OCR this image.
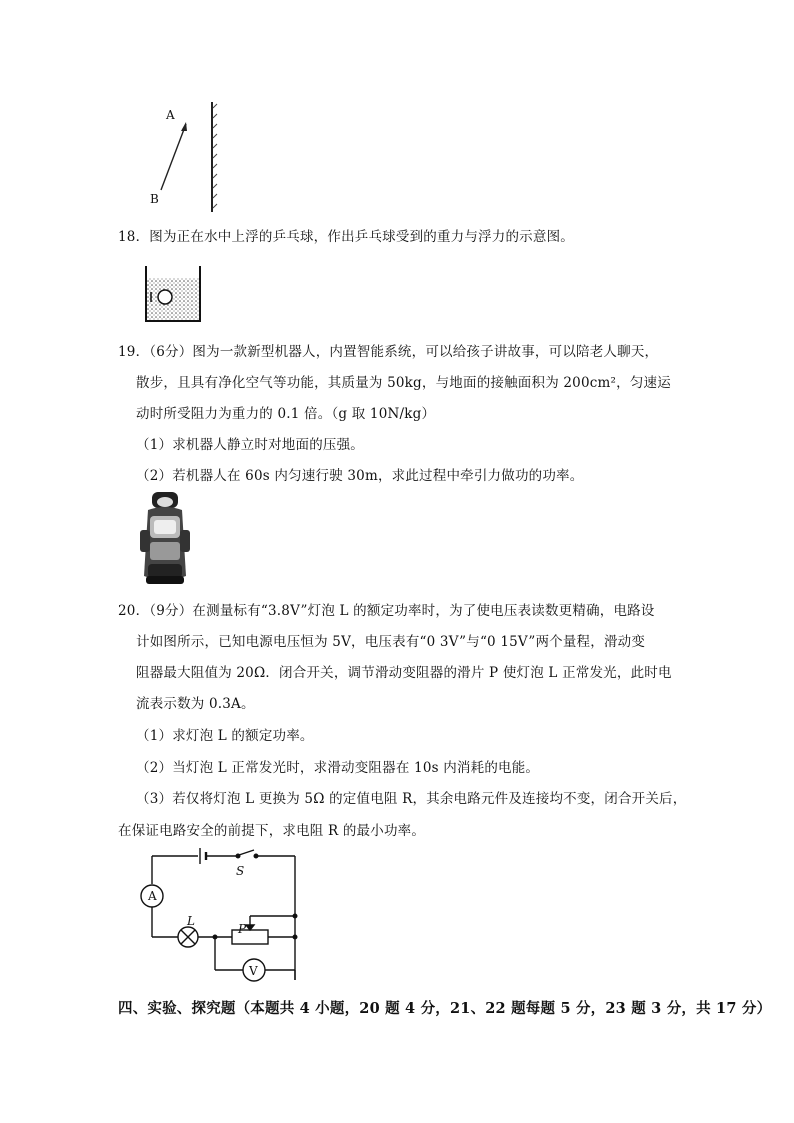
A
B
18．图为正在水中上浮的乒乓球，作出乒乓球受到的重力与浮力的示意图。
19．（6分）图为一款新型机器人，内置智能系统，可以给孩子讲故事，可以陪老人聊天，
散步，且具有净化空气等功能，其质量为 50kg，与地面的接触面积为 200cm²，匀速运
动时所受阻力为重力的 0.1 倍。（g 取 10N/kg）
（1）求机器人静立时对地面的压强。
（2）若机器人在 60s 内匀速行驶 30m，求此过程中牵引力做功的功率。
20．（9分）在测量标有“3.8V”灯泡 L 的额定功率时，为了使电压表读数更精确，电路设
计如图所示，已知电源电压恒为 5V，电压表有“0 3V”与“0 15V”两个量程，滑动变
阻器最大阻值为 20Ω．闭合开关，调节滑动变阻器的滑片 P 使灯泡 L 正常发光，此时电
流表示数为 0.3A。
（1）求灯泡 L 的额定功率。
（2）当灯泡 L 正常发光时，求滑动变阻器在 10s 内消耗的电能。
（3）若仅将灯泡 L 更换为 5Ω 的定值电阻 R，其余电路元件及连接均不变，闭合开关后，
在保证电路安全的前提下，求电阻 R 的最小功率。
S
A
L
P
V
四、实验、探究题（本题共 4 小题，20 题 4 分，21、22 题每题 5 分，23 题 3 分，共 17 分）
